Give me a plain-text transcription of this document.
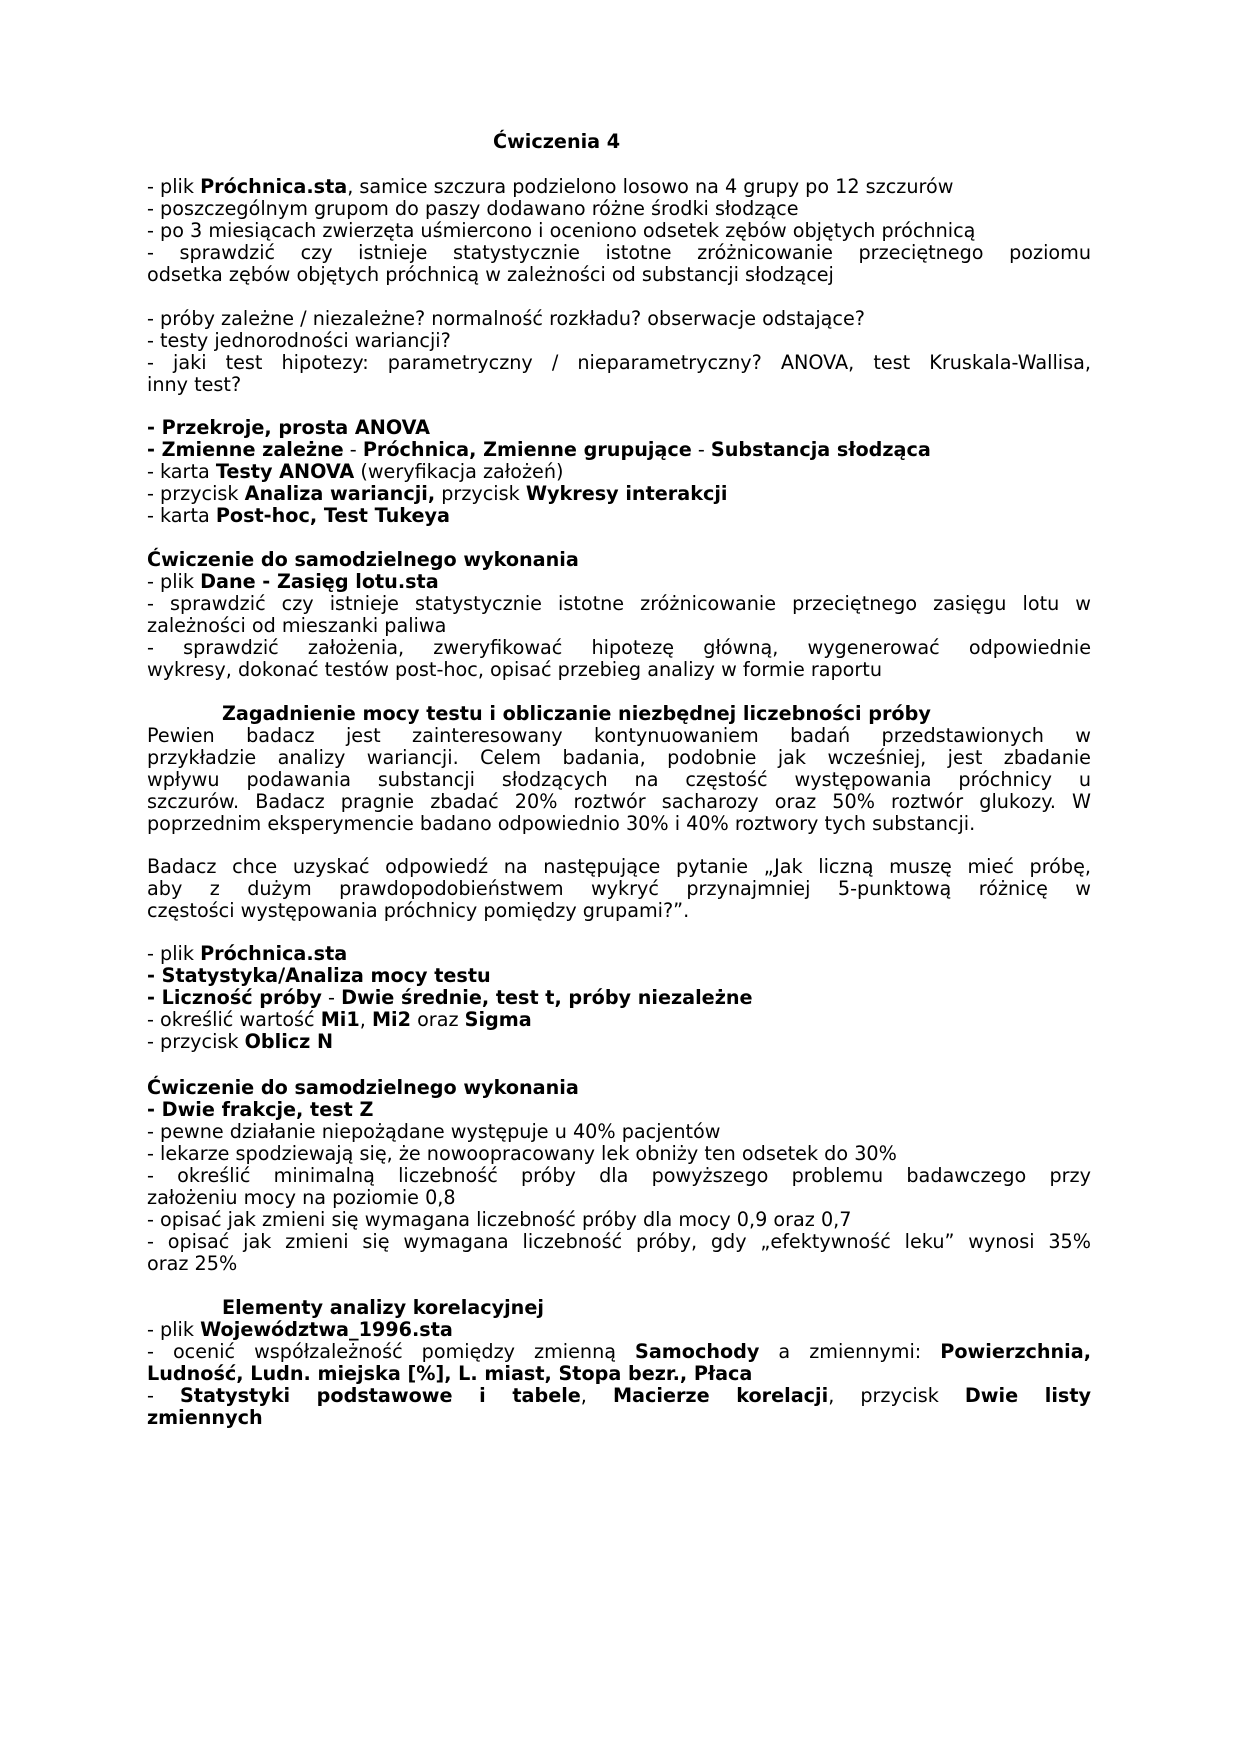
Ćwiczenia 4
- plik Próchnica.sta, samice szczura podzielono losowo na 4 grupy po 12 szczurów
- poszczególnym grupom do paszy dodawano różne środki słodzące
- po 3 miesiącach zwierzęta uśmiercono i oceniono odsetek zębów objętych próchnicą
- sprawdzić czy istnieje statystycznie istotne zróżnicowanie przeciętnego poziomu
odsetka zębów objętych próchnicą w zależności od substancji słodzącej
- próby zależne / niezależne? normalność rozkładu? obserwacje odstające?
- testy jednorodności wariancji?
- jaki test hipotezy: parametryczny / nieparametryczny? ANOVA, test Kruskala-Wallisa,
inny test?
- Przekroje, prosta ANOVA
- Zmienne zależne - Próchnica, Zmienne grupujące - Substancja słodząca
- karta Testy ANOVA (weryfikacja założeń)
- przycisk Analiza wariancji, przycisk Wykresy interakcji
- karta Post-hoc, Test Tukeya
Ćwiczenie do samodzielnego wykonania
- plik Dane - Zasięg lotu.sta
- sprawdzić czy istnieje statystycznie istotne zróżnicowanie przeciętnego zasięgu lotu w
zależności od mieszanki paliwa
- sprawdzić założenia, zweryfikować hipotezę główną, wygenerować odpowiednie
wykresy, dokonać testów post-hoc, opisać przebieg analizy w formie raportu
Zagadnienie mocy testu i obliczanie niezbędnej liczebności próby
Pewien badacz jest zainteresowany kontynuowaniem badań przedstawionych w
przykładzie analizy wariancji. Celem badania, podobnie jak wcześniej, jest zbadanie
wpływu podawania substancji słodzących na częstość występowania próchnicy u
szczurów. Badacz pragnie zbadać 20% roztwór sacharozy oraz 50% roztwór glukozy. W
poprzednim eksperymencie badano odpowiednio 30% i 40% roztwory tych substancji.
Badacz chce uzyskać odpowiedź na następujące pytanie „Jak liczną muszę mieć próbę,
aby z dużym prawdopodobieństwem wykryć przynajmniej 5-punktową różnicę w
częstości występowania próchnicy pomiędzy grupami?”.
- plik Próchnica.sta
- Statystyka/Analiza mocy testu
- Liczność próby - Dwie średnie, test t, próby niezależne
- określić wartość Mi1, Mi2 oraz Sigma
- przycisk Oblicz N
Ćwiczenie do samodzielnego wykonania
- Dwie frakcje, test Z
- pewne działanie niepożądane występuje u 40% pacjentów
- lekarze spodziewają się, że nowoopracowany lek obniży ten odsetek do 30%
- określić minimalną liczebność próby dla powyższego problemu badawczego przy
założeniu mocy na poziomie 0,8
- opisać jak zmieni się wymagana liczebność próby dla mocy 0,9 oraz 0,7
- opisać jak zmieni się wymagana liczebność próby, gdy „efektywność leku” wynosi 35%
oraz 25%
Elementy analizy korelacyjnej
- plik Województwa_1996.sta
- ocenić współzależność pomiędzy zmienną Samochody a zmiennymi: Powierzchnia,
Ludność, Ludn. miejska [%], L. miast, Stopa bezr., Płaca
- Statystyki podstawowe i tabele, Macierze korelacji, przycisk Dwie listy
zmiennych
